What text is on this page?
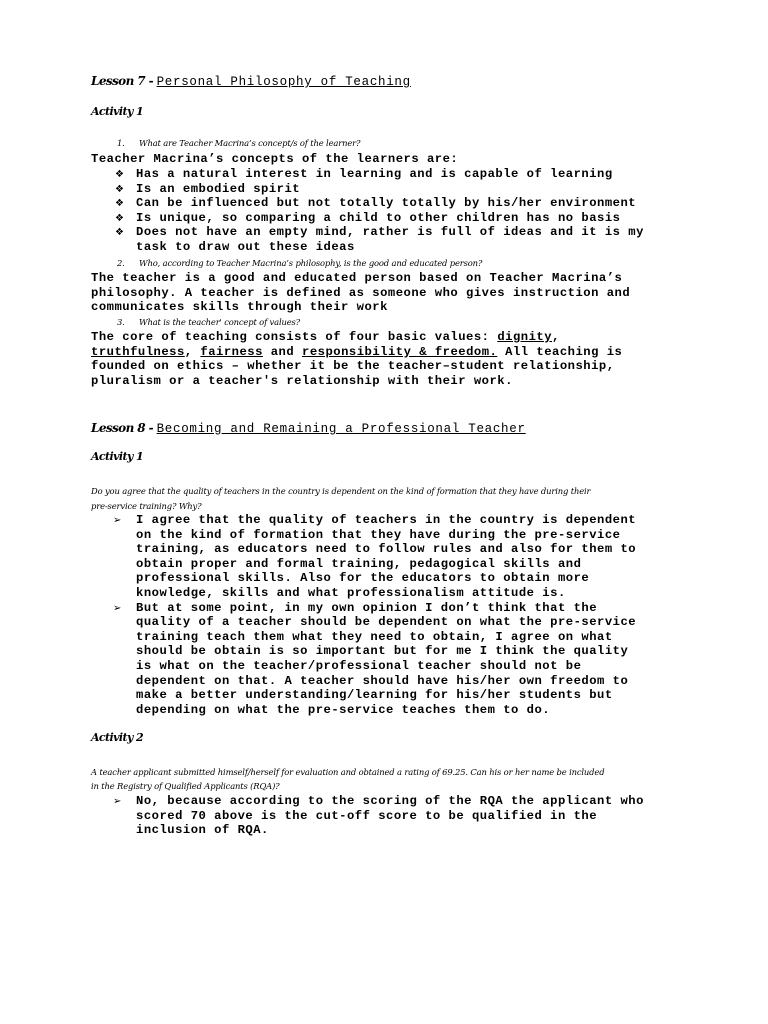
Lesson 7 - Personal Philosophy of Teaching
Activity 1
1. What are Teacher Macrina’s concept/s of the learner?
Teacher Macrina’s concepts of the learners are:
❖ Has a natural interest in learning and is capable of learning
❖ Is an embodied spirit
❖ Can be influenced but not totally totally by his/her environment
❖ Is unique, so comparing a child to other children has no basis
❖ Does not have an empty mind, rather is full of ideas and it is my
task to draw out these ideas
2. Who, according to Teacher Macrina’s philosophy, is the good and educated person?
The teacher is a good and educated person based on Teacher Macrina’s
philosophy. A teacher is defined as someone who gives instruction and
communicates skills through their work
3. What is the teacher' concept of values?
The core of teaching consists of four basic values: dignity,
truthfulness, fairness and responsibility & freedom. All teaching is
founded on ethics – whether it be the teacher–student relationship,
pluralism or a teacher's relationship with their work.
Lesson 8 - Becoming and Remaining a Professional Teacher
Activity 1
Do you agree that the quality of teachers in the country is dependent on the kind of formation that they have during their
pre-service training? Why?
➢ I agree that the quality of teachers in the country is dependent
on the kind of formation that they have during the pre-service
training, as educators need to follow rules and also for them to
obtain proper and formal training, pedagogical skills and
professional skills. Also for the educators to obtain more
knowledge, skills and what professionalism attitude is.
➢ But at some point, in my own opinion I don’t think that the
quality of a teacher should be dependent on what the pre-service
training teach them what they need to obtain, I agree on what
should be obtain is so important but for me I think the quality
is what on the teacher/professional teacher should not be
dependent on that. A teacher should have his/her own freedom to
make a better understanding/learning for his/her students but
depending on what the pre-service teaches them to do.
Activity 2
A teacher applicant submitted himself/herself for evaluation and obtained a rating of 69.25. Can his or her name be included
in the Registry of Qualified Applicants (RQA)?
➢ No, because according to the scoring of the RQA the applicant who
scored 70 above is the cut-off score to be qualified in the
inclusion of RQA.
